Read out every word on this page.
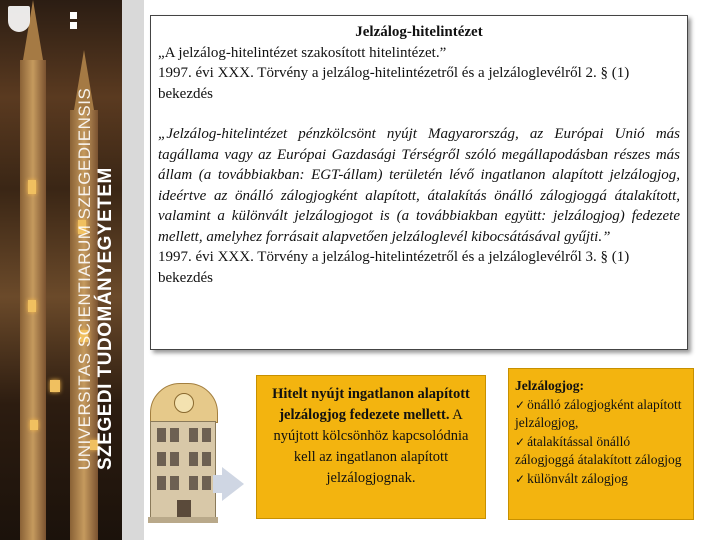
UNIVERSITAS SCIENTIARUM SZEGEDIENSIS SZEGEDI TUDOMÁNYEGYETEM

Jelzálog-hitelintézet

„A jelzálog-hitelintézet szakosított hitelintézet.”

1997. évi XXX. Törvény a jelzálog-hitelintézetről és a jelzáloglevélről 2. § (1) bekezdés

„Jelzálog-hitelintézet pénzkölcsönt nyújt Magyarország, az Európai Unió más tagállama vagy az Európai Gazdasági Térségről szóló megállapodásban részes más állam (a továbbiakban: EGT-állam) területén lévő ingatlanon alapított jelzálogjog, ideértve az önálló zálogjogként alapított, átalakítás önálló zálogjoggá átalakított, valamint a különvált jelzálogjogot is (a továbbiakban együtt: jelzálogjog) fedezete mellett, amelyhez forrásait alapvetően jelzáloglevél kibocsátásával gyűjti.”

1997. évi XXX. Törvény a jelzálog-hitelintézetről és a jelzáloglevélről 3. § (1) bekezdés

Hitelt nyújt ingatlanon alapított jelzálogjog fedezete mellett. A nyújtott kölcsönhöz kapcsolódnia kell az ingatlanon alapított jelzálogjognak.
Jelzálogjog:
✓ önálló zálogjogként alapított jelzálogjog,
✓ átalakítással önálló zálogjoggá átalakított zálogjog
✓ különvált zálogjog
